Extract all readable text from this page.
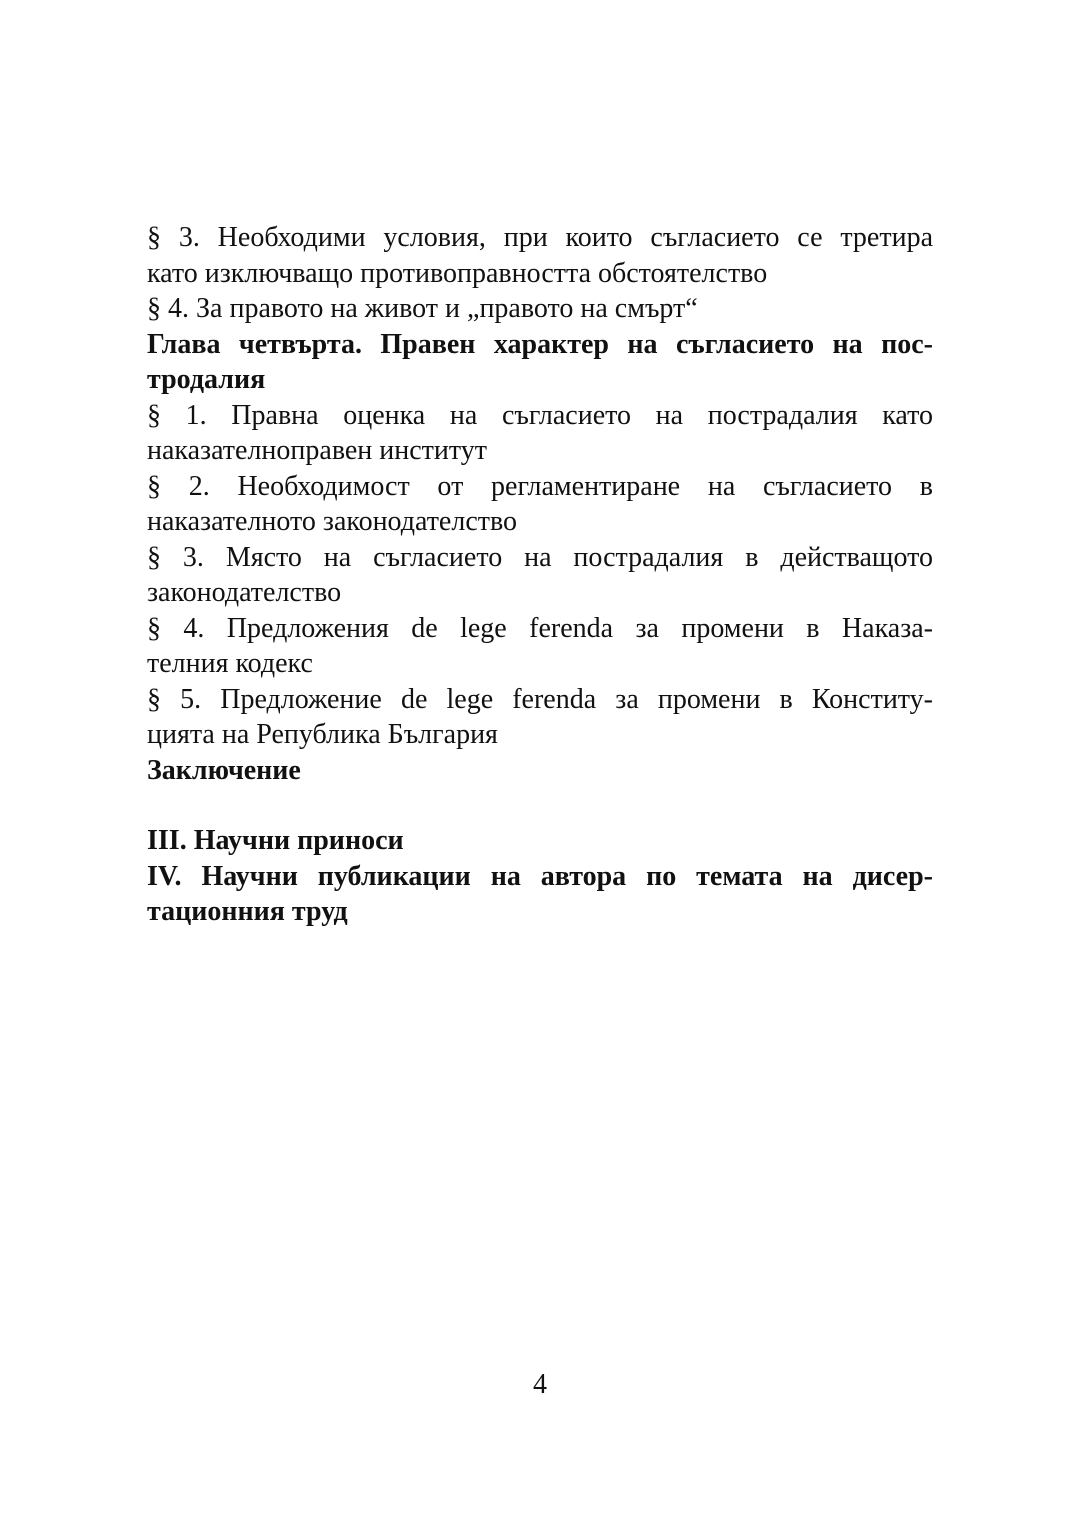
§ 3. Необходими условия, при които съгласието се третира

като изключващо противоправността обстоятелство

§ 4. За правото на живот и „правото на смърт“

Глава четвърта. Правен характер на съгласието на пос-

тродалия

§ 1. Правна оценка на съгласието на пострадалия като

наказателноправен институт

§ 2. Необходимост от регламентиране на съгласието в

наказателното законодателство

§ 3. Място на съгласието на пострадалия в действащото

законодателство

§ 4. Предложения de lege ferenda за промени в Наказа-

телния кодекс

§ 5. Предложение de lege ferenda за промени в Конститу-

цията на Република България

Заключение

III. Научни приноси

IV. Научни публикации на автора по темата на дисер-

тационния труд

4
